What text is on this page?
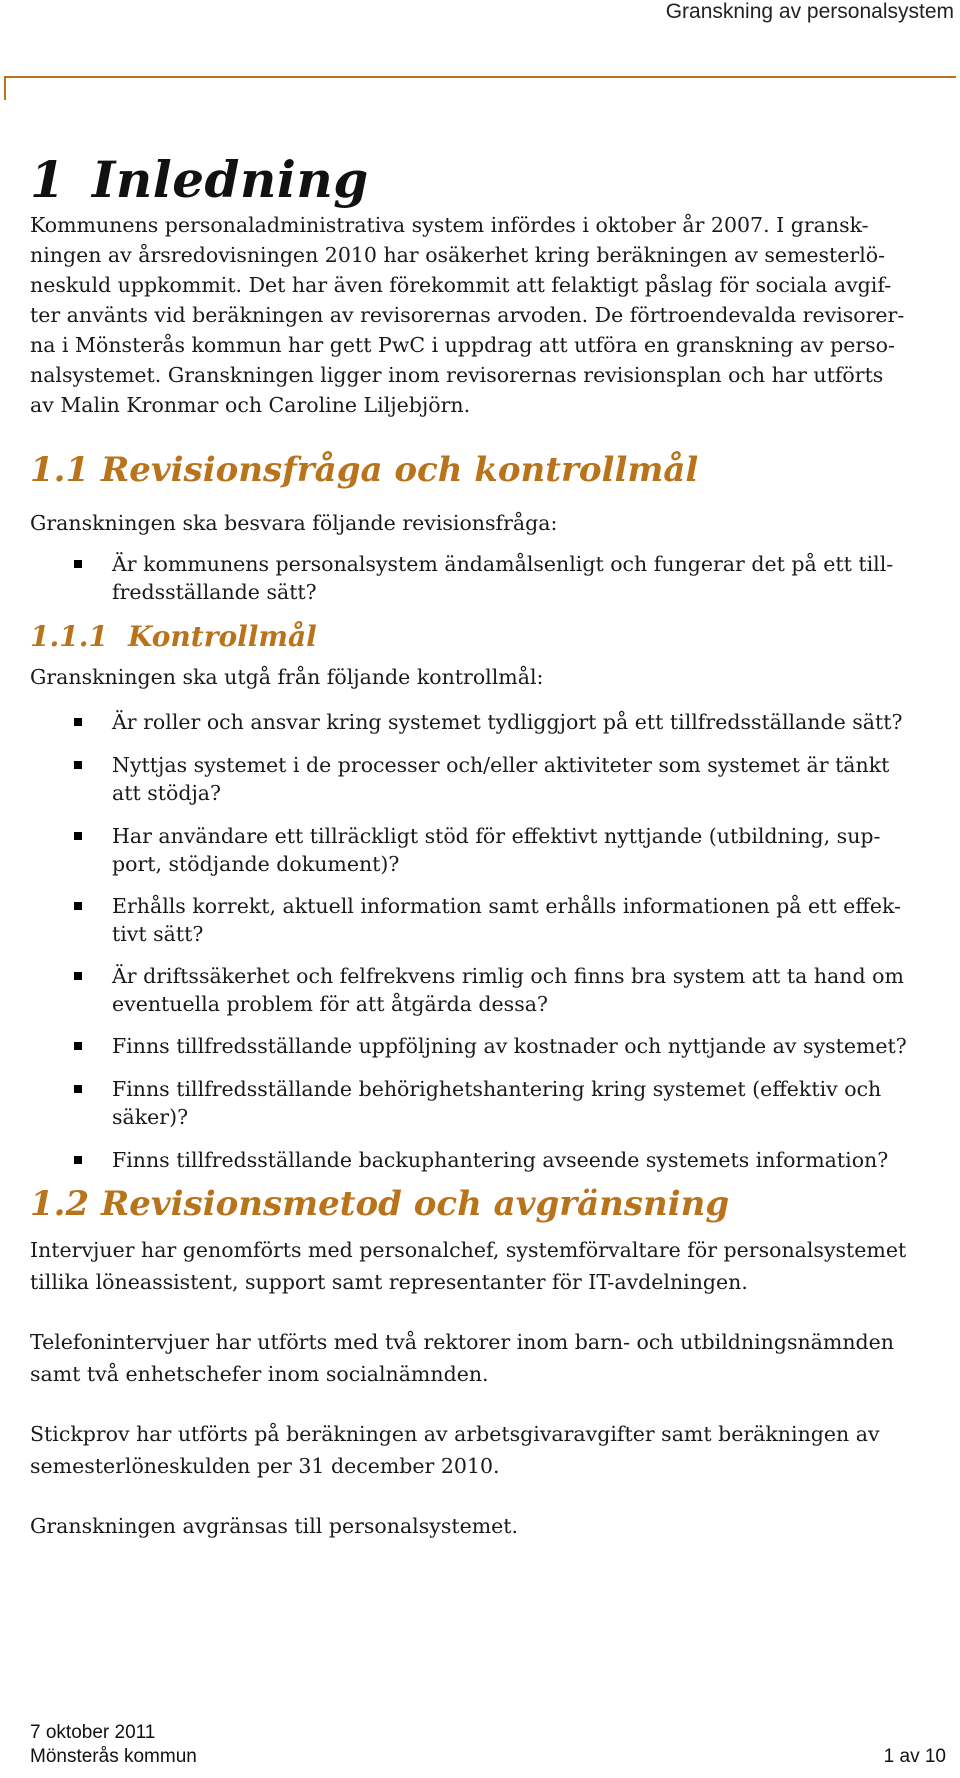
Granskning av personalsystem
1 Inledning
Kommunens personaladministrativa system infördes i oktober år 2007. I gransk-
ningen av årsredovisningen 2010 har osäkerhet kring beräkningen av semesterlö-
neskuld uppkommit. Det har även förekommit att felaktigt påslag för sociala avgif-
ter använts vid beräkningen av revisorernas arvoden. De förtroendevalda revisorer-
na i Mönsterås kommun har gett PwC i uppdrag att utföra en granskning av perso-
nalsystemet. Granskningen ligger inom revisorernas revisionsplan och har utförts
av Malin Kronmar och Caroline Liljebjörn.
1.1 Revisionsfråga och kontrollmål
Granskningen ska besvara följande revisionsfråga:
Är kommunens personalsystem ändamålsenligt och fungerar det på ett till-
fredsställande sätt?
1.1.1 Kontrollmål
Granskningen ska utgå från följande kontrollmål:
Är roller och ansvar kring systemet tydliggjort på ett tillfredsställande sätt?
Nyttjas systemet i de processer och/eller aktiviteter som systemet är tänkt
att stödja?
Har användare ett tillräckligt stöd för effektivt nyttjande (utbildning, sup-
port, stödjande dokument)?
Erhålls korrekt, aktuell information samt erhålls informationen på ett effek-
tivt sätt?
Är driftssäkerhet och felfrekvens rimlig och finns bra system att ta hand om
eventuella problem för att åtgärda dessa?
Finns tillfredsställande uppföljning av kostnader och nyttjande av systemet?
Finns tillfredsställande behörighetshantering kring systemet (effektiv och
säker)?
Finns tillfredsställande backuphantering avseende systemets information?
1.2 Revisionsmetod och avgränsning
Intervjuer har genomförts med personalchef, systemförvaltare för personalsystemet
tillika löneassistent, support samt representanter för IT-avdelningen.
Telefonintervjuer har utförts med två rektorer inom barn- och utbildningsnämnden
samt två enhetschefer inom socialnämnden.
Stickprov har utförts på beräkningen av arbetsgivaravgifter samt beräkningen av
semesterlöneskulden per 31 december 2010.
Granskningen avgränsas till personalsystemet.
7 oktober 2011
Mönsterås kommun	1 av 10
